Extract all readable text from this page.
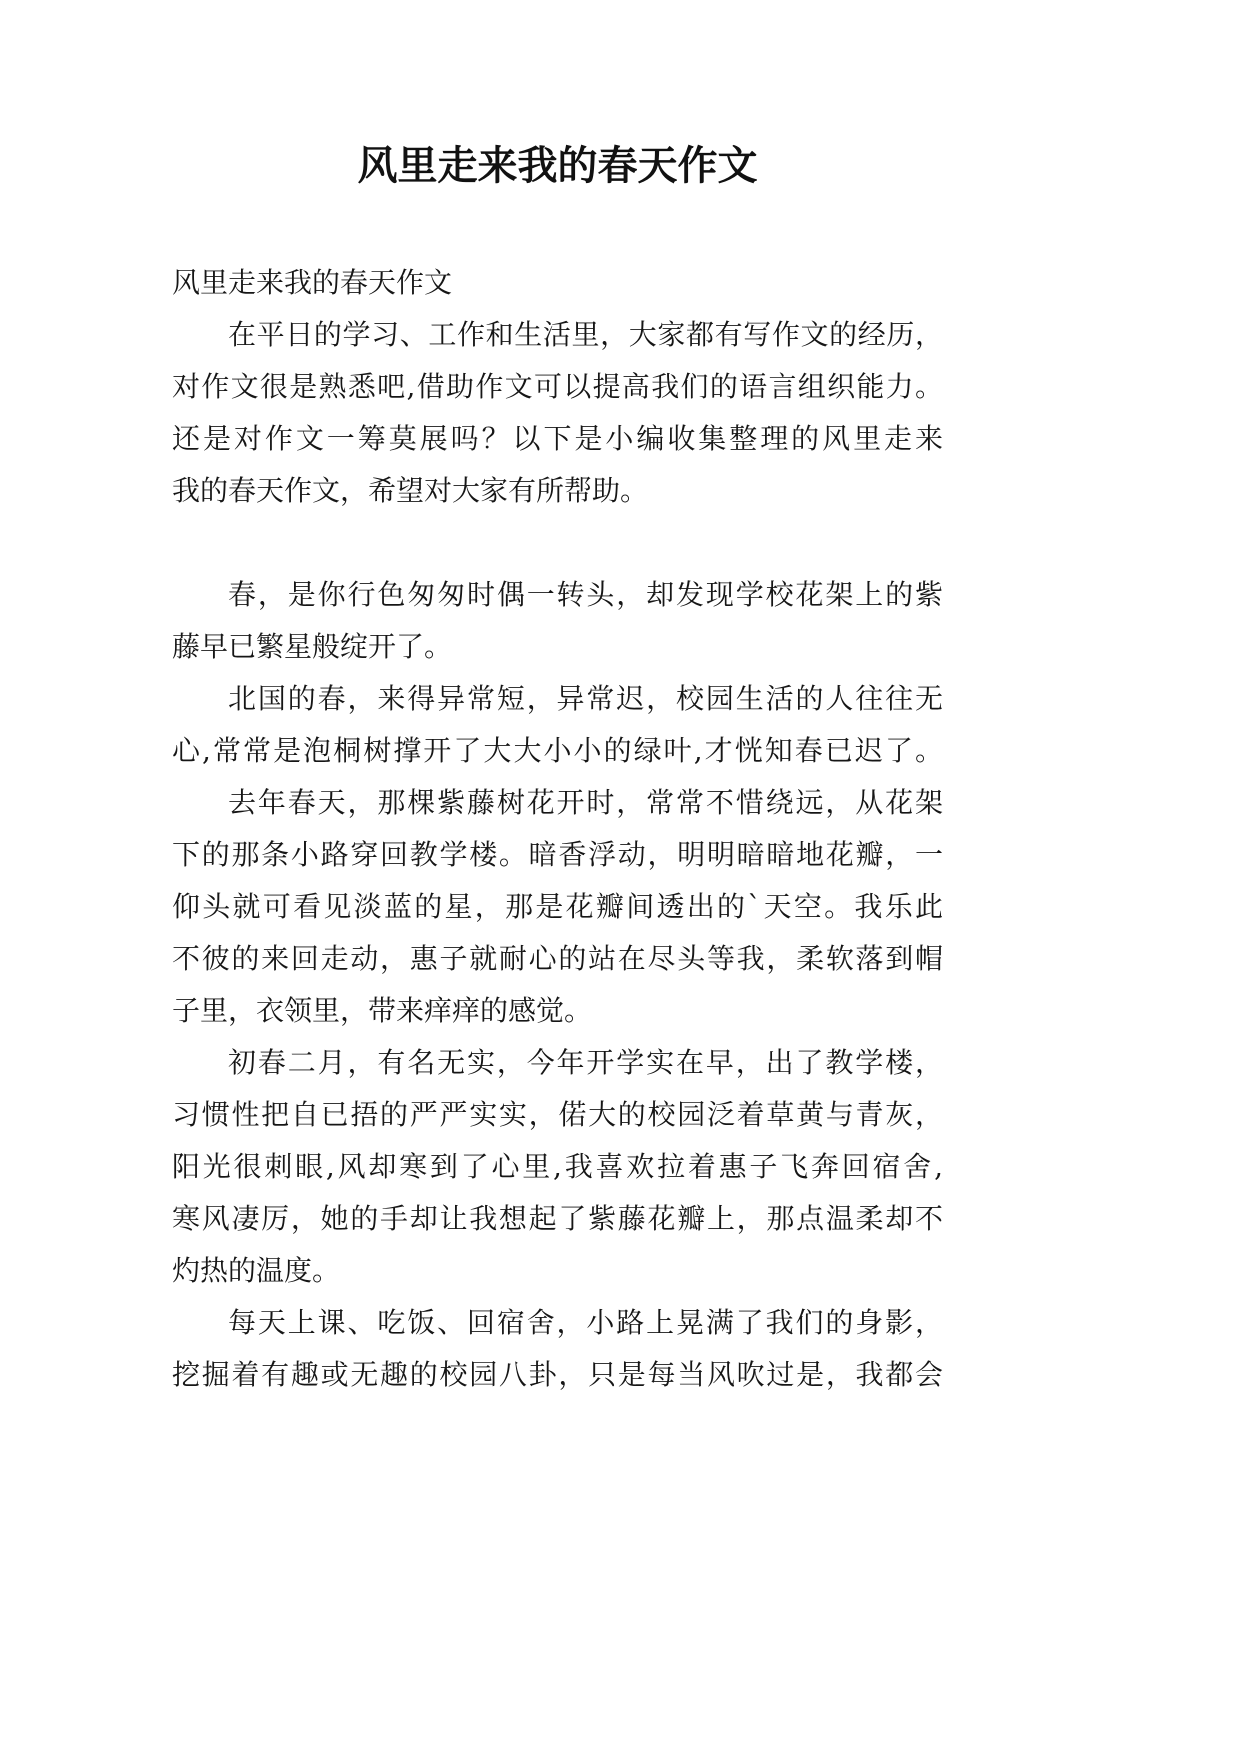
风里走来我的春天作文
风里走来我的春天作文
在平日的学习、工作和生活里，大家都有写作文的经历，
对作文很是熟悉吧,借助作文可以提高我们的语言组织能力。
还是对作文一筹莫展吗？以下是小编收集整理的风里走来
我的春天作文，希望对大家有所帮助。
春，是你行色匆匆时偶一转头，却发现学校花架上的紫
藤早已繁星般绽开了。
北国的春，来得异常短，异常迟，校园生活的人往往无
心,常常是泡桐树撑开了大大小小的绿叶,才恍知春已迟了。
去年春天，那棵紫藤树花开时，常常不惜绕远，从花架
下的那条小路穿回教学楼。暗香浮动，明明暗暗地花瓣，一
仰头就可看见淡蓝的星，那是花瓣间透出的`天空。我乐此
不彼的来回走动，惠子就耐心的站在尽头等我，柔软落到帽
子里，衣领里，带来痒痒的感觉。
初春二月，有名无实，今年开学实在早，出了教学楼，
习惯性把自已捂的严严实实，偌大的校园泛着草黄与青灰，
阳光很刺眼,风却寒到了心里,我喜欢拉着惠子飞奔回宿舍,
寒风凄厉，她的手却让我想起了紫藤花瓣上，那点温柔却不
灼热的温度。
每天上课、吃饭、回宿舍，小路上晃满了我们的身影，
挖掘着有趣或无趣的校园八卦，只是每当风吹过是，我都会
